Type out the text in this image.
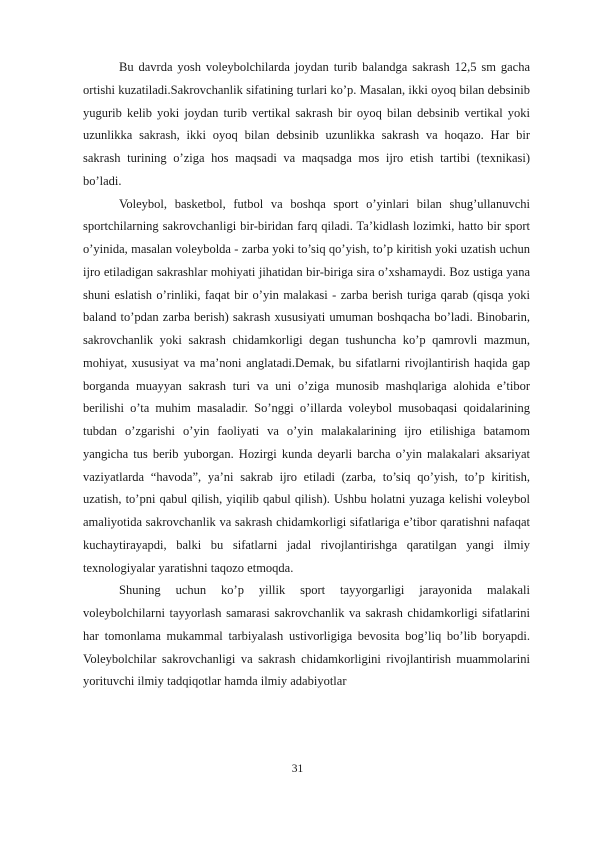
Bu davrda yosh voleybolchilarda joydan turib balandga sakrash 12,5 sm gacha ortishi kuzatiladi.Sakrovchanlik sifatining turlari ko’p. Masalan, ikki oyoq bilan debsinib yugurib kelib yoki joydan turib vertikal sakrash bir oyoq bilan debsinib vertikal yoki uzunlikka sakrash, ikki oyoq bilan debsinib uzunlikka sakrash va hoqazo. Har bir sakrash turining o’ziga hos maqsadi va maqsadga mos ijro etish tartibi (texnikasi) bo’ladi.

Voleybol, basketbol, futbol va boshqa sport o’yinlari bilan shug’ullanuvchi sportchilarning sakrovchanligi bir-biridan farq qiladi. Ta’kidlash lozimki, hatto bir sport o’yinida, masalan voleybolda - zarba yoki to’siq qo’yish, to’p kiritish yoki uzatish uchun ijro etiladigan sakrashlar mohiyati jihatidan bir-biriga sira o’xshamaydi. Boz ustiga yana shuni eslatish o’rinliki, faqat bir o’yin malakasi - zarba berish turiga qarab (qisqa yoki baland to’pdan zarba berish) sakrash xususiyati umuman boshqacha bo’ladi. Binobarin, sakrovchanlik yoki sakrash chidamkorligi degan tushuncha ko’p qamrovli mazmun, mohiyat, xususiyat va ma’noni anglatadi.Demak, bu sifatlarni rivojlantirish haqida gap borganda muayyan sakrash turi va uni o’ziga munosib mashqlariga alohida e’tibor berilishi o’ta muhim masaladir. So’nggi o’illarda voleybol musobaqasi qoidalarining tubdan o’zgarishi o’yin faoliyati va o’yin malakalarining ijro etilishiga batamom yangicha tus berib yuborgan. Hozirgi kunda deyarli barcha o’yin malakalari aksariyat vaziyatlarda “havoda”, ya’ni sakrab ijro etiladi (zarba, to’siq qo’yish, to’p kiritish, uzatish, to’pni qabul qilish, yiqilib qabul qilish). Ushbu holatni yuzaga kelishi voleybol amaliyotida sakrovchanlik va sakrash chidamkorligi sifatlariga e’tibor qaratishni nafaqat kuchaytirayapdi, balki bu sifatlarni jadal rivojlantirishga qaratilgan yangi ilmiy texnologiyalar yaratishni taqozo etmoqda.

Shuning uchun ko’p yillik sport tayyorgarligi jarayonida malakali voleybolchilarni tayyorlash samarasi sakrovchanlik va sakrash chidamkorligi sifatlarini har tomonlama mukammal tarbiyalash ustivorligiga bevosita bog’liq bo’lib boryapdi. Voleybolchilar sakrovchanligi va sakrash chidamkorligini rivojlantirish muammolarini yorituvchi ilmiy tadqiqotlar hamda ilmiy adabiyotlar

31
